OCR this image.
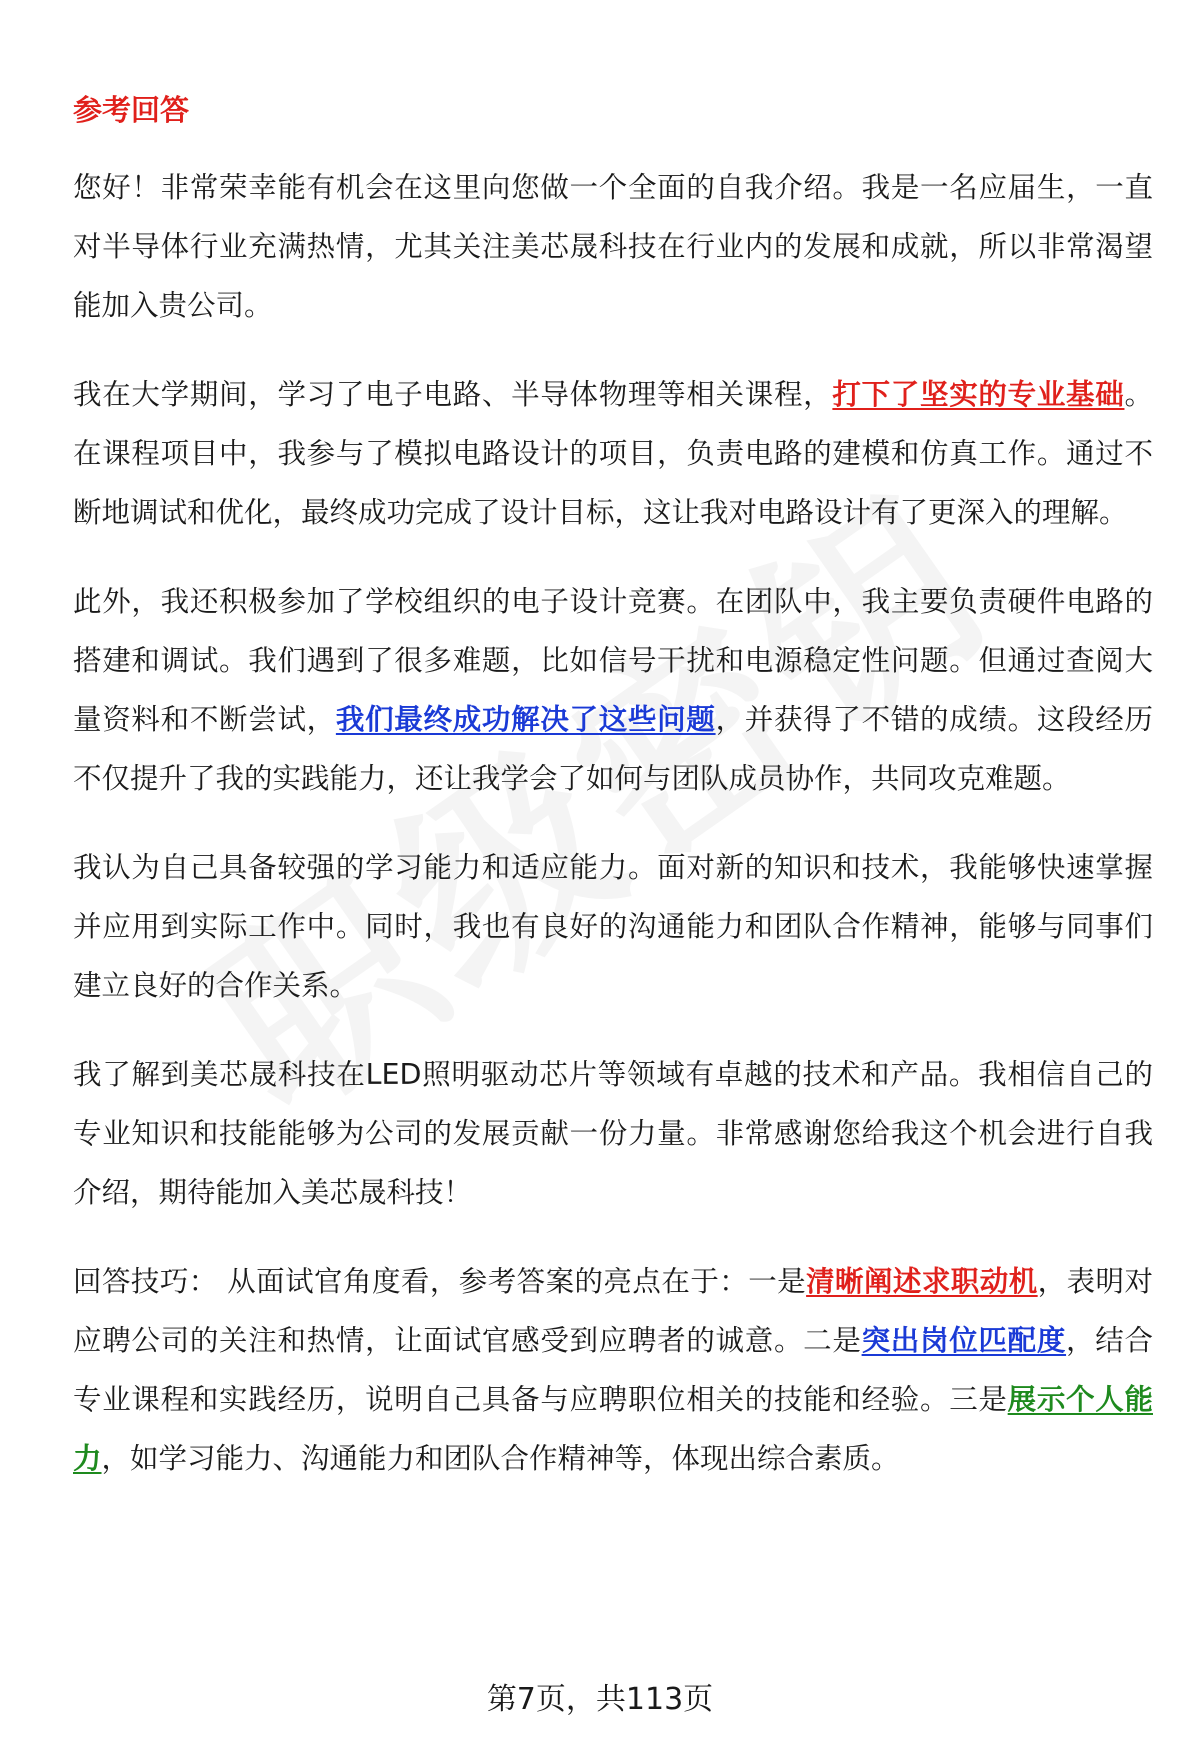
参考回答

您好！非常荣幸能有机会在这里向您做一个全面的自我介绍。我是一名应届生，一直对半导体行业充满热情，尤其关注美芯晟科技在行业内的发展和成就，所以非常渴望能加入贵公司。

我在大学期间，学习了电子电路、半导体物理等相关课程，打下了坚实的专业基础。在课程项目中，我参与了模拟电路设计的项目，负责电路的建模和仿真工作。通过不断地调试和优化，最终成功完成了设计目标，这让我对电路设计有了更深入的理解。

此外，我还积极参加了学校组织的电子设计竞赛。在团队中，我主要负责硬件电路的搭建和调试。我们遇到了很多难题，比如信号干扰和电源稳定性问题。但通过查阅大量资料和不断尝试，我们最终成功解决了这些问题，并获得了不错的成绩。这段经历不仅提升了我的实践能力，还让我学会了如何与团队成员协作，共同攻克难题。

我认为自己具备较强的学习能力和适应能力。面对新的知识和技术，我能够快速掌握并应用到实际工作中。同时，我也有良好的沟通能力和团队合作精神，能够与同事们建立良好的合作关系。

我了解到美芯晟科技在LED照明驱动芯片等领域有卓越的技术和产品。我相信自己的专业知识和技能能够为公司的发展贡献一份力量。非常感谢您给我这个机会进行自我介绍，期待能加入美芯晟科技！

回答技巧： 从面试官角度看，参考答案的亮点在于：一是清晰阐述求职动机，表明对应聘公司的关注和热情，让面试官感受到应聘者的诚意。二是突出岗位匹配度，结合专业课程和实践经历，说明自己具备与应聘职位相关的技能和经验。三是展示个人能力，如学习能力、沟通能力和团队合作精神等，体现出综合素质。

第7页，共113页
